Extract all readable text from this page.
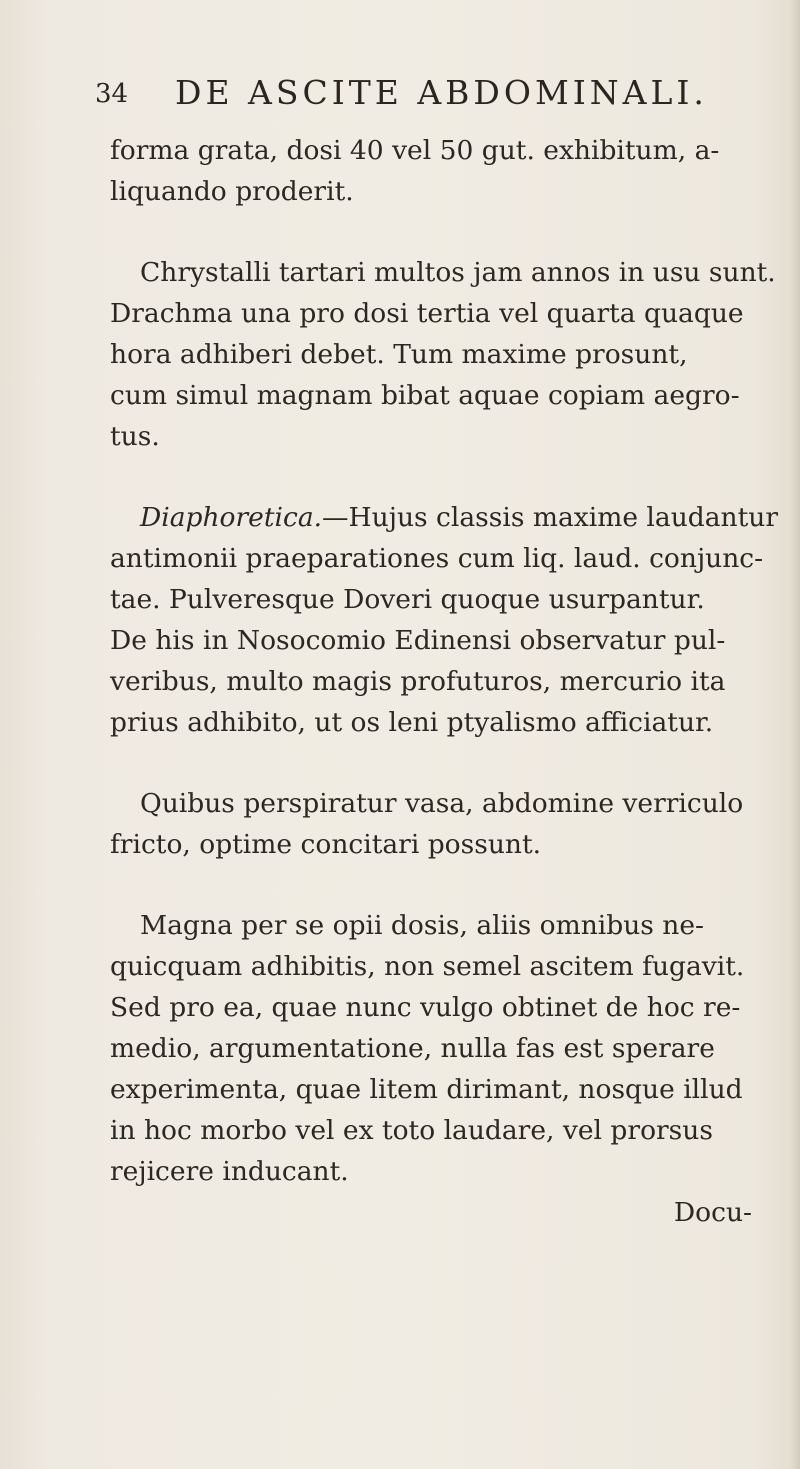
34 DE ASCITE ABDOMINALI.
forma grata, dosi 40 vel 50 gut. exhibitum, a-
liquando proderit.
Chrystalli tartari multos jam annos in usu sunt.
Drachma una pro dosi tertia vel quarta quaque
hora adhiberi debet. Tum maxime prosunt,
cum simul magnam bibat aquae copiam aegro-
tus.
Diaphoretica.—Hujus classis maxime laudantur
antimonii praeparationes cum liq. laud. conjunc-
tae. Pulveresque Doveri quoque usurpantur.
De his in Nosocomio Edinensi observatur pul-
veribus, multo magis profuturos, mercurio ita
prius adhibito, ut os leni ptyalismo afficiatur.
Quibus perspiratur vasa, abdomine verriculo
fricto, optime concitari possunt.
Magna per se opii dosis, aliis omnibus ne-
quicquam adhibitis, non semel ascitem fugavit.
Sed pro ea, quae nunc vulgo obtinet de hoc re-
medio, argumentatione, nulla fas est sperare
experimenta, quae litem dirimant, nosque illud
in hoc morbo vel ex toto laudare, vel prorsus
rejicere inducant.
Docu-
